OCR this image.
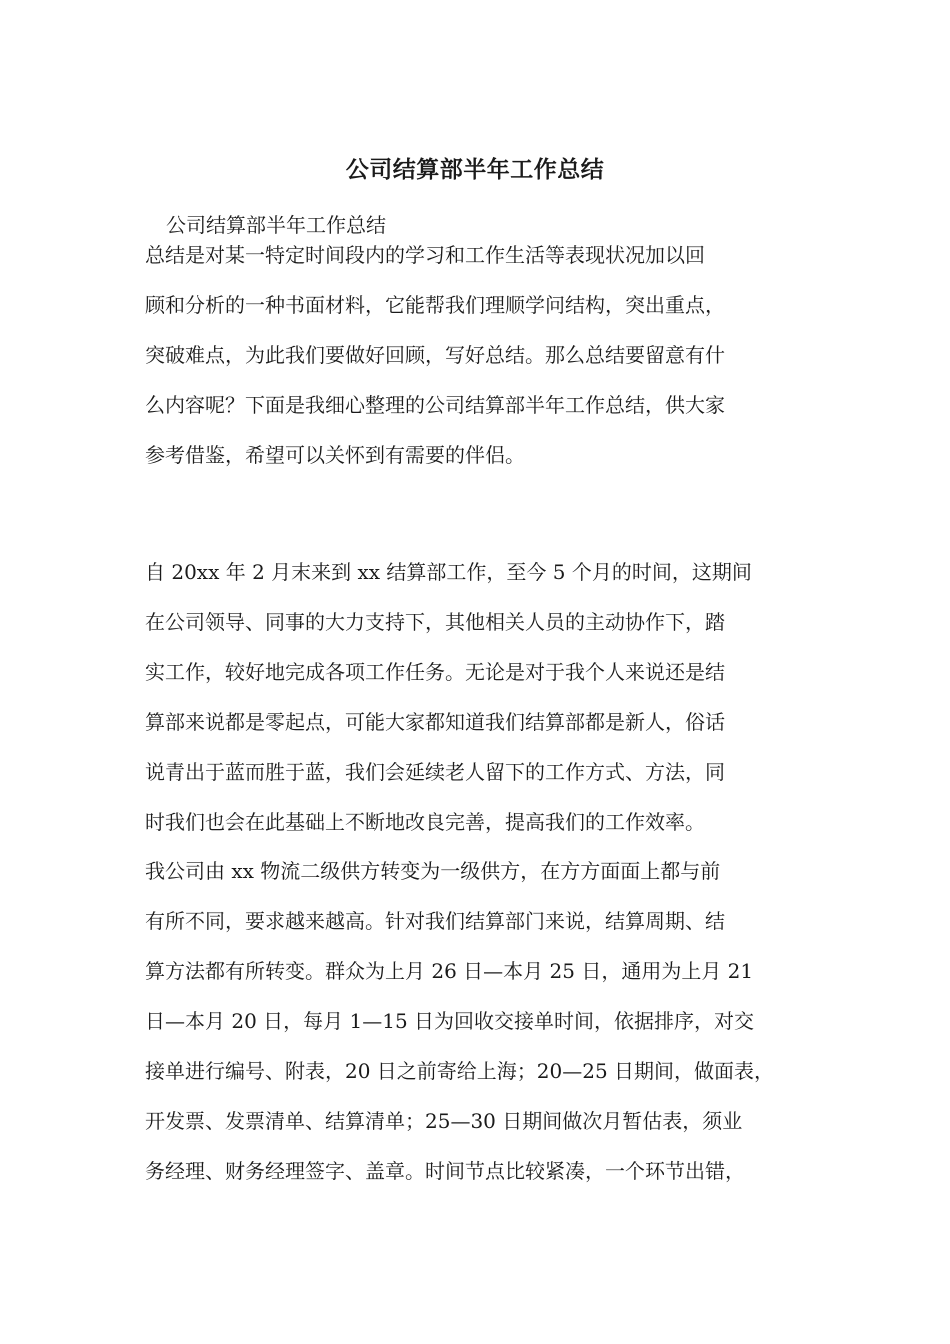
公司结算部半年工作总结
公司结算部半年工作总结
总结是对某一特定时间段内的学习和工作生活等表现状况加以回
顾和分析的一种书面材料，它能帮我们理顺学问结构，突出重点，
突破难点，为此我们要做好回顾，写好总结。那么总结要留意有什
么内容呢？下面是我细心整理的公司结算部半年工作总结，供大家
参考借鉴，希望可以关怀到有需要的伴侣。
自 20xx 年 2 月末来到 xx 结算部工作，至今 5 个月的时间，这期间
在公司领导、同事的大力支持下，其他相关人员的主动协作下，踏
实工作，较好地完成各项工作任务。无论是对于我个人来说还是结
算部来说都是零起点，可能大家都知道我们结算部都是新人，俗话
说青出于蓝而胜于蓝，我们会延续老人留下的工作方式、方法，同
时我们也会在此基础上不断地改良完善，提高我们的工作效率。
我公司由 xx 物流二级供方转变为一级供方，在方方面面上都与前
有所不同，要求越来越高。针对我们结算部门来说，结算周期、结
算方法都有所转变。群众为上月 26 日—本月 25 日，通用为上月 21
日—本月 20 日，每月 1—15 日为回收交接单时间，依据排序，对交
接单进行编号、附表，20 日之前寄给上海；20—25 日期间，做面表，
开发票、发票清单、结算清单；25—30 日期间做次月暂估表，须业
务经理、财务经理签字、盖章。时间节点比较紧凑，一个环节出错，
